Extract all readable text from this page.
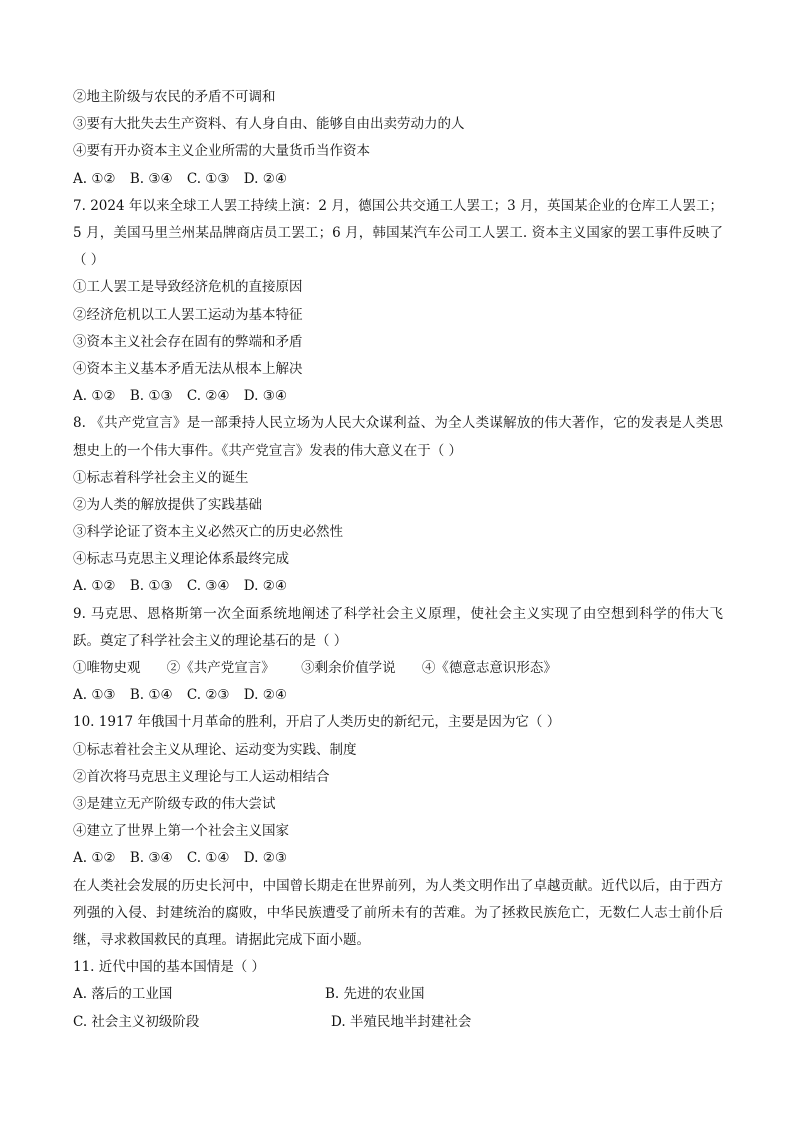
②地主阶级与农民的矛盾不可调和
③要有大批失去生产资料、有人身自由、能够自由出卖劳动力的人
④要有开办资本主义企业所需的大量货币当作资本
A. ①② B. ③④ C. ①③ D. ②④
7. 2024 年以来全球工人罢工持续上演：2 月，德国公共交通工人罢工；3 月，英国某企业的仓库工人罢工；5 月，美国马里兰州某品牌商店员工罢工；6 月，韩国某汽车公司工人罢工. 资本主义国家的罢工事件反映了（ ）
①工人罢工是导致经济危机的直接原因
②经济危机以工人罢工运动为基本特征
③资本主义社会存在固有的弊端和矛盾
④资本主义基本矛盾无法从根本上解决
A. ①② B. ①③ C. ②④ D. ③④
8. 《共产党宣言》是一部秉持人民立场为人民大众谋利益、为全人类谋解放的伟大著作，它的发表是人类思想史上的一个伟大事件。《共产党宣言》发表的伟大意义在于（ ）
①标志着科学社会主义的诞生
②为人类的解放提供了实践基础
③科学论证了资本主义必然灭亡的历史必然性
④标志马克思主义理论体系最终完成
A. ①② B. ①③ C. ③④ D. ②④
9. 马克思、恩格斯第一次全面系统地阐述了科学社会主义原理，使社会主义实现了由空想到科学的伟大飞跃。奠定了科学社会主义的理论基石的是（ ）
①唯物史观 ②《共产党宣言》 ③剩余价值学说 ④《德意志意识形态》
A. ①③ B. ①④ C. ②③ D. ②④
10. 1917 年俄国十月革命的胜利，开启了人类历史的新纪元，主要是因为它（ ）
①标志着社会主义从理论、运动变为实践、制度
②首次将马克思主义理论与工人运动相结合
③是建立无产阶级专政的伟大尝试
④建立了世界上第一个社会主义国家
A. ①② B. ③④ C. ①④ D. ②③
在人类社会发展的历史长河中，中国曾长期走在世界前列，为人类文明作出了卓越贡献。近代以后，由于西方列强的入侵、封建统治的腐败，中华民族遭受了前所未有的苦难。为了拯救民族危亡，无数仁人志士前仆后继，寻求救国救民的真理。请据此完成下面小题。
11. 近代中国的基本国情是（ ）
A. 落后的工业国	B. 先进的农业国
C. 社会主义初级阶段	D. 半殖民地半封建社会
